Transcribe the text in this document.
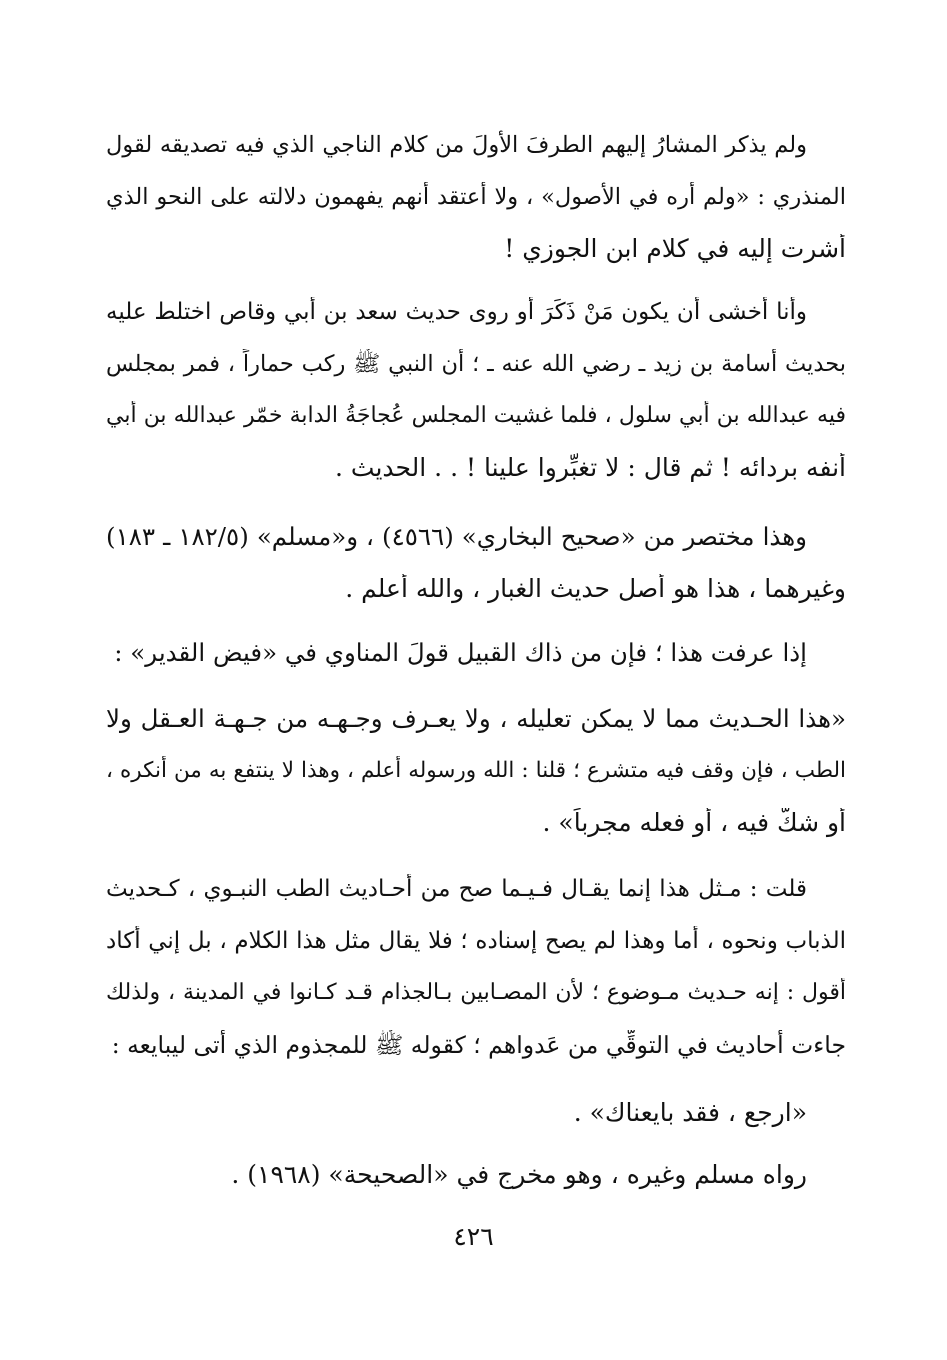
ولم يذكر المشارُ إليهم الطرفَ الأولَ من كلام الناجي الذي فيه تصديقه لقول
المنذري : «ولم أره في الأصول» ، ولا أعتقد أنهم يفهمون دلالته على النحو الذي
أشرت إليه في كلام ابن الجوزي !
وأنا أخشى أن يكون مَنْ ذَكَرَ أو روى حديث سعد بن أبي وقاص اختلط عليه
بحديث أسامة بن زيد ـ رضي الله عنه ـ ؛ أن النبي ﷺ ركب حماراً ، فمر بمجلس
فيه عبدالله بن أبي سلول ، فلما غشيت المجلس عُجاجَةُ الدابة خمّر عبدالله بن أبي
أنفه بردائه ! ثم قال : لا تغبِّروا علينا ! . . الحديث .
وهذا مختصر من «صحيح البخاري» (٤٥٦٦) ، و«مسلم» (١٨٢/٥ ـ ١٨٣)
وغيرهما ، هذا هو أصل حديث الغبار ، والله أعلم .
إذا عرفت هذا ؛ فإن من ذاك القبيل قولَ المناوي في «فيض القدير» :
«هذا الحـديث مما لا يمكن تعليله ، ولا يعـرف وجـهـه من جـهـة العـقل ولا
الطب ، فإن وقف فيه متشرع ؛ قلنا : الله ورسوله أعلم ، وهذا لا ينتفع به من أنكره ،
أو شكّ فيه ، أو فعله مجرباً» .
قلت : مـثل هذا إنما يقـال فـيـما صح من أحـاديث الطب النبـوي ، كـحديث
الذباب ونحوه ، أما وهذا لم يصح إسناده ؛ فلا يقال مثل هذا الكلام ، بل إني أكاد
أقول : إنه حـديث مـوضوع ؛ لأن المصـابين بـالجذام قـد كـانوا في المدينة ، ولذلك
جاءت أحاديث في التوقِّي من عَدواهم ؛ كقوله ﷺ للمجذوم الذي أتى ليبايعه :
«ارجع ، فقد بايعناك» .
رواه مسلم وغيره ، وهو مخرج في «الصحيحة» (١٩٦٨) .
٤٢٦
